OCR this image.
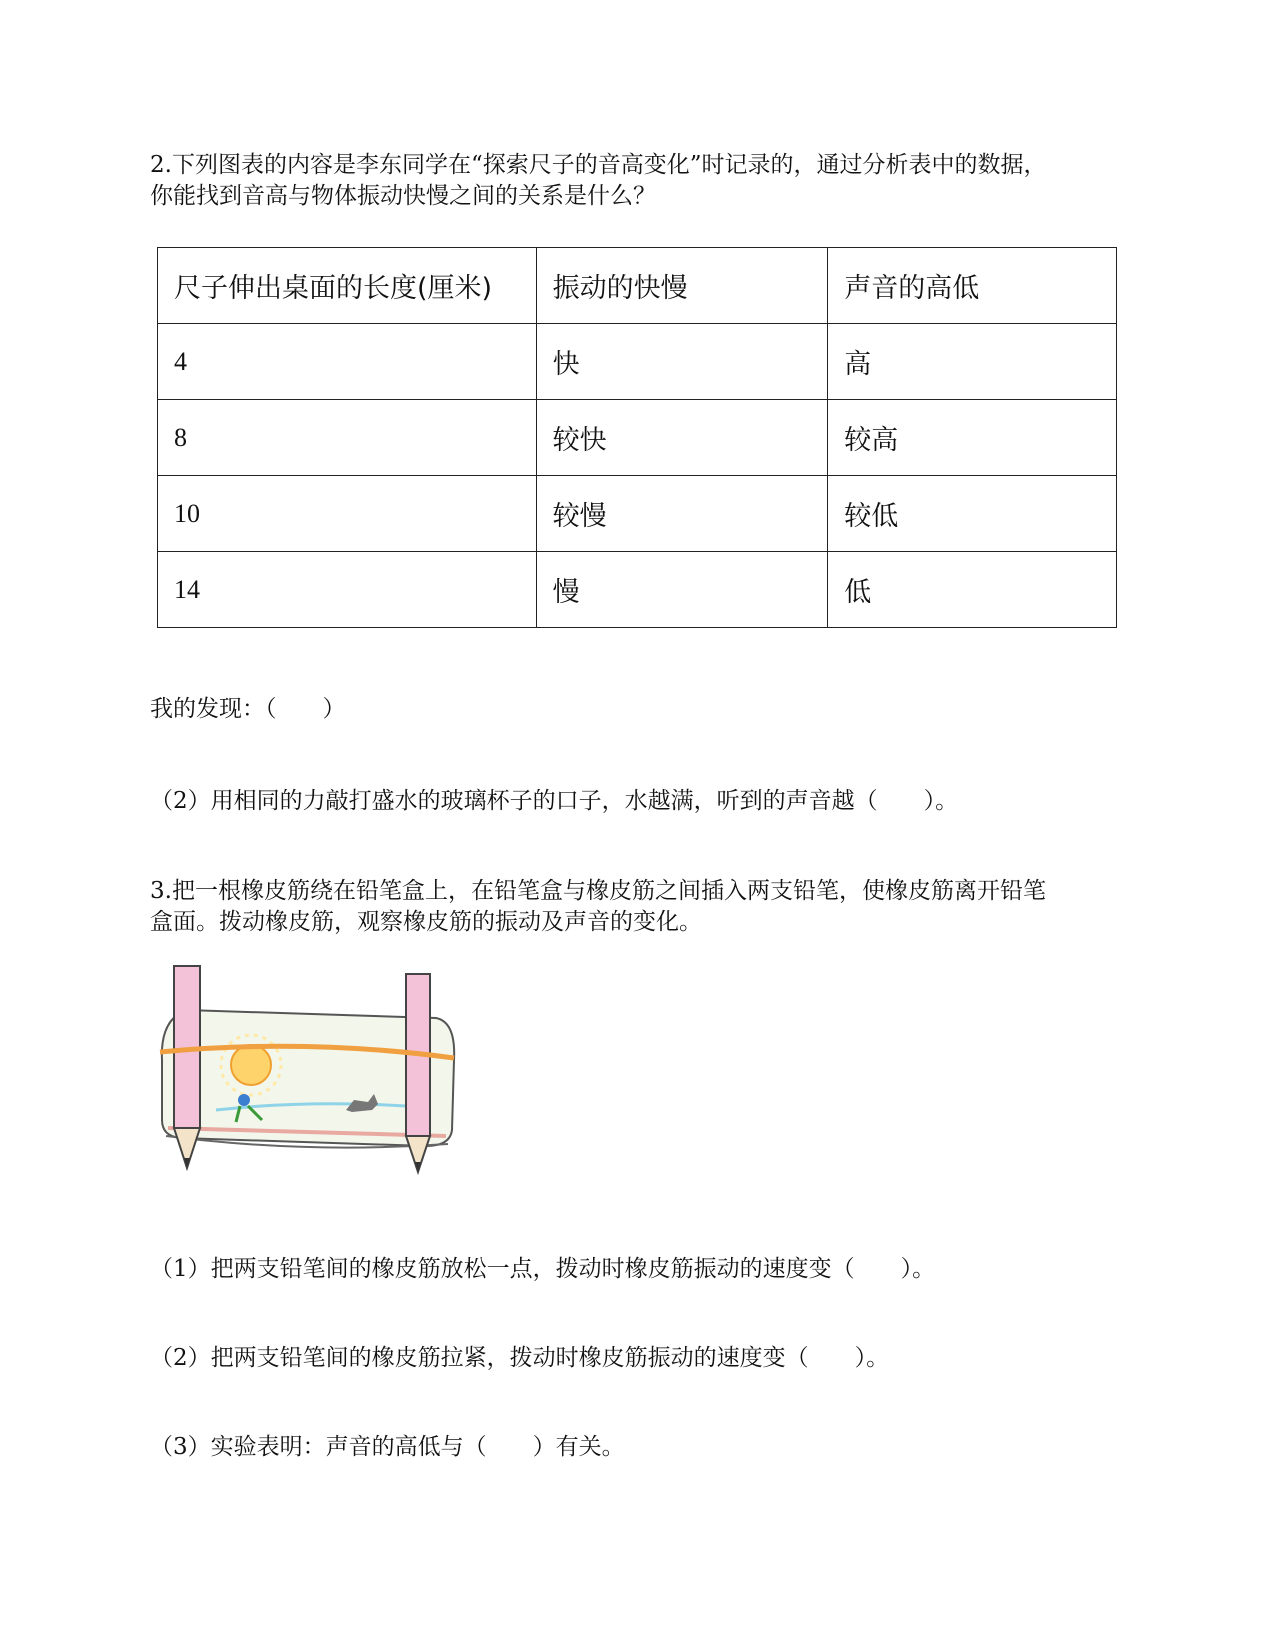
2.下列图表的内容是李东同学在“探索尺子的音高变化”时记录的，通过分析表中的数据，
你能找到音高与物体振动快慢之间的关系是什么？

尺子伸出桌面的长度(厘米)	振动的快慢	声音的高低
4	快	高
8	较快	较高
10	较慢	较低
14	慢	低

我的发现：（　　）

（2）用相同的力敲打盛水的玻璃杯子的口子，水越满，听到的声音越（　　）。

3.把一根橡皮筋绕在铅笔盒上，在铅笔盒与橡皮筋之间插入两支铅笔，使橡皮筋离开铅笔
盒面。拨动橡皮筋，观察橡皮筋的振动及声音的变化。

（1）把两支铅笔间的橡皮筋放松一点，拨动时橡皮筋振动的速度变（　　）。

（2）把两支铅笔间的橡皮筋拉紧，拨动时橡皮筋振动的速度变（　　）。

（3）实验表明：声音的高低与（　　）有关。
